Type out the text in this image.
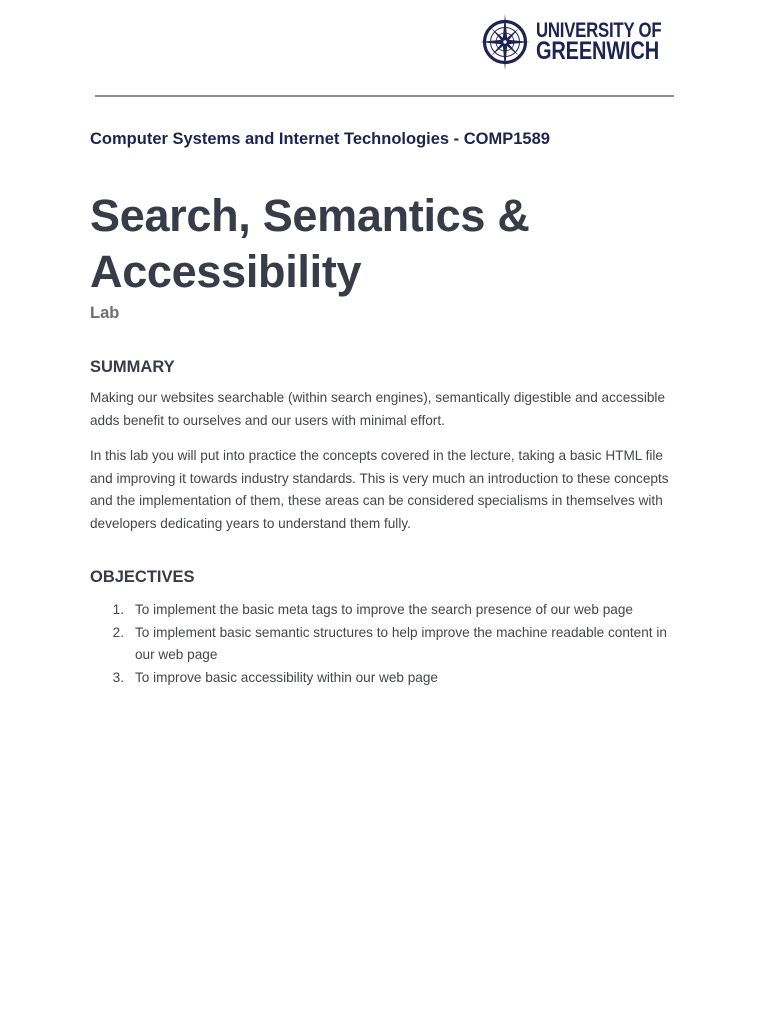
UNIVERSITY OF
GREENWICH

Computer Systems and Internet Technologies - COMP1589

Search, Semantics & Accessibility

Lab

SUMMARY

Making our websites searchable (within search engines), semantically digestible and accessible adds benefit to ourselves and our users with minimal effort.

In this lab you will put into practice the concepts covered in the lecture, taking a basic HTML file and improving it towards industry standards. This is very much an introduction to these concepts and the implementation of them, these areas can be considered specialisms in themselves with developers dedicating years to understand them fully.

OBJECTIVES
1. To implement the basic meta tags to improve the search presence of our web page
2. To implement basic semantic structures to help improve the machine readable content in our web page
3. To improve basic accessibility within our web page
